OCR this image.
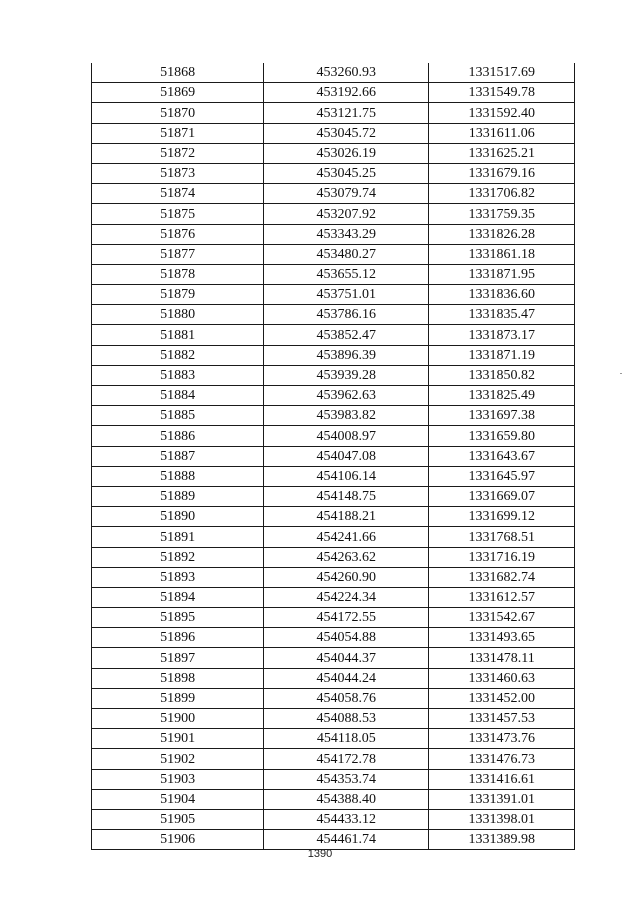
51868	453260.93	1331517.69
51869	453192.66	1331549.78
51870	453121.75	1331592.40
51871	453045.72	1331611.06
51872	453026.19	1331625.21
51873	453045.25	1331679.16
51874	453079.74	1331706.82
51875	453207.92	1331759.35
51876	453343.29	1331826.28
51877	453480.27	1331861.18
51878	453655.12	1331871.95
51879	453751.01	1331836.60
51880	453786.16	1331835.47
51881	453852.47	1331873.17
51882	453896.39	1331871.19
51883	453939.28	1331850.82
51884	453962.63	1331825.49
51885	453983.82	1331697.38
51886	454008.97	1331659.80
51887	454047.08	1331643.67
51888	454106.14	1331645.97
51889	454148.75	1331669.07
51890	454188.21	1331699.12
51891	454241.66	1331768.51
51892	454263.62	1331716.19
51893	454260.90	1331682.74
51894	454224.34	1331612.57
51895	454172.55	1331542.67
51896	454054.88	1331493.65
51897	454044.37	1331478.11
51898	454044.24	1331460.63
51899	454058.76	1331452.00
51900	454088.53	1331457.53
51901	454118.05	1331473.76
51902	454172.78	1331476.73
51903	454353.74	1331416.61
51904	454388.40	1331391.01
51905	454433.12	1331398.01
51906	454461.74	1331389.98
1390
